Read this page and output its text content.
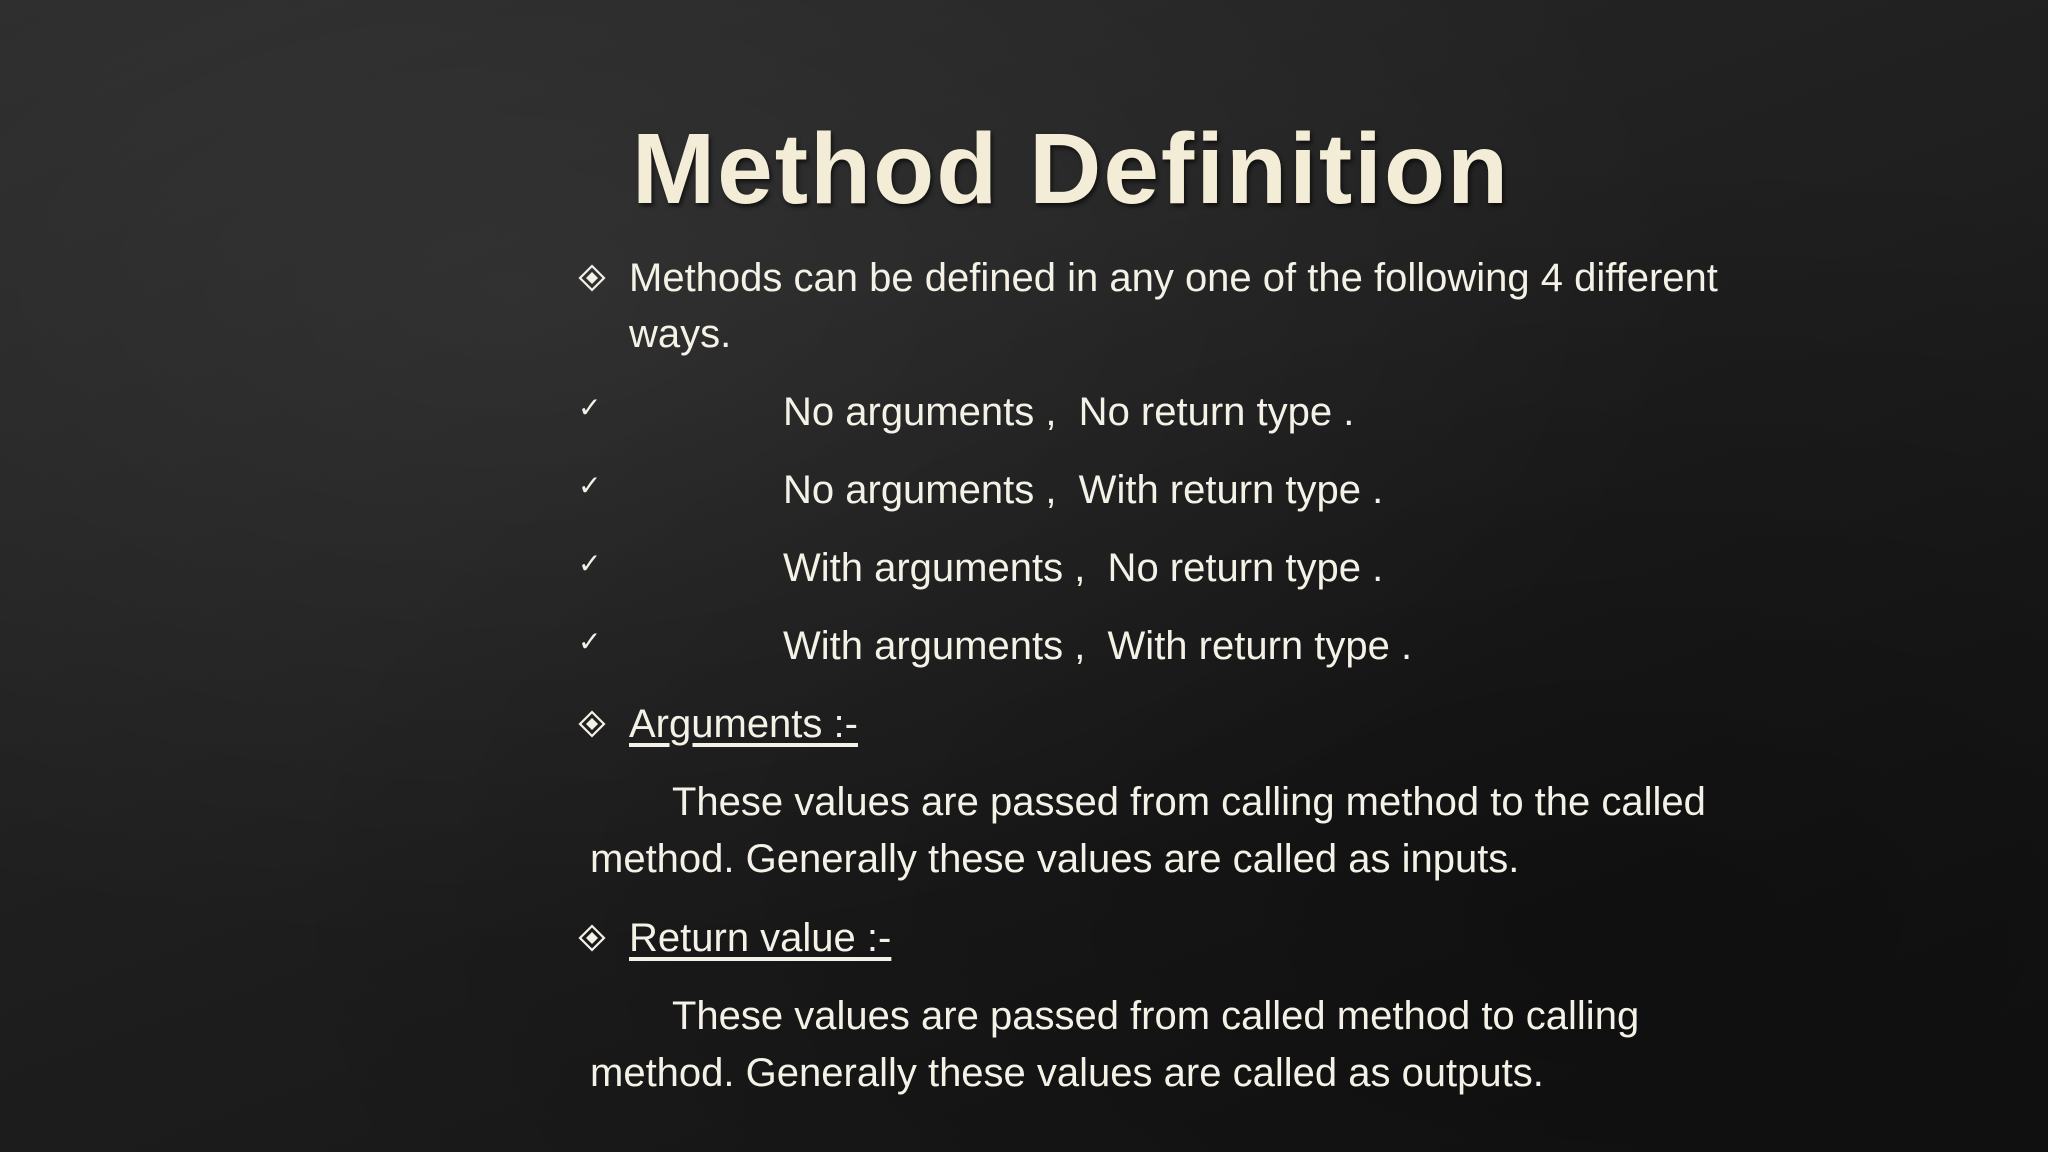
Method Definition
Methods can be defined in any one of the following 4 different ways.
✓	No arguments ,  No return type .
✓	No arguments ,  With return type .
✓	With arguments ,  No return type .
✓	With arguments ,  With return type .
Arguments :-
These values are passed from calling method to the called method. Generally these values are called as inputs.
Return value :-
These values are passed from called method to calling method. Generally these values are called as outputs.
